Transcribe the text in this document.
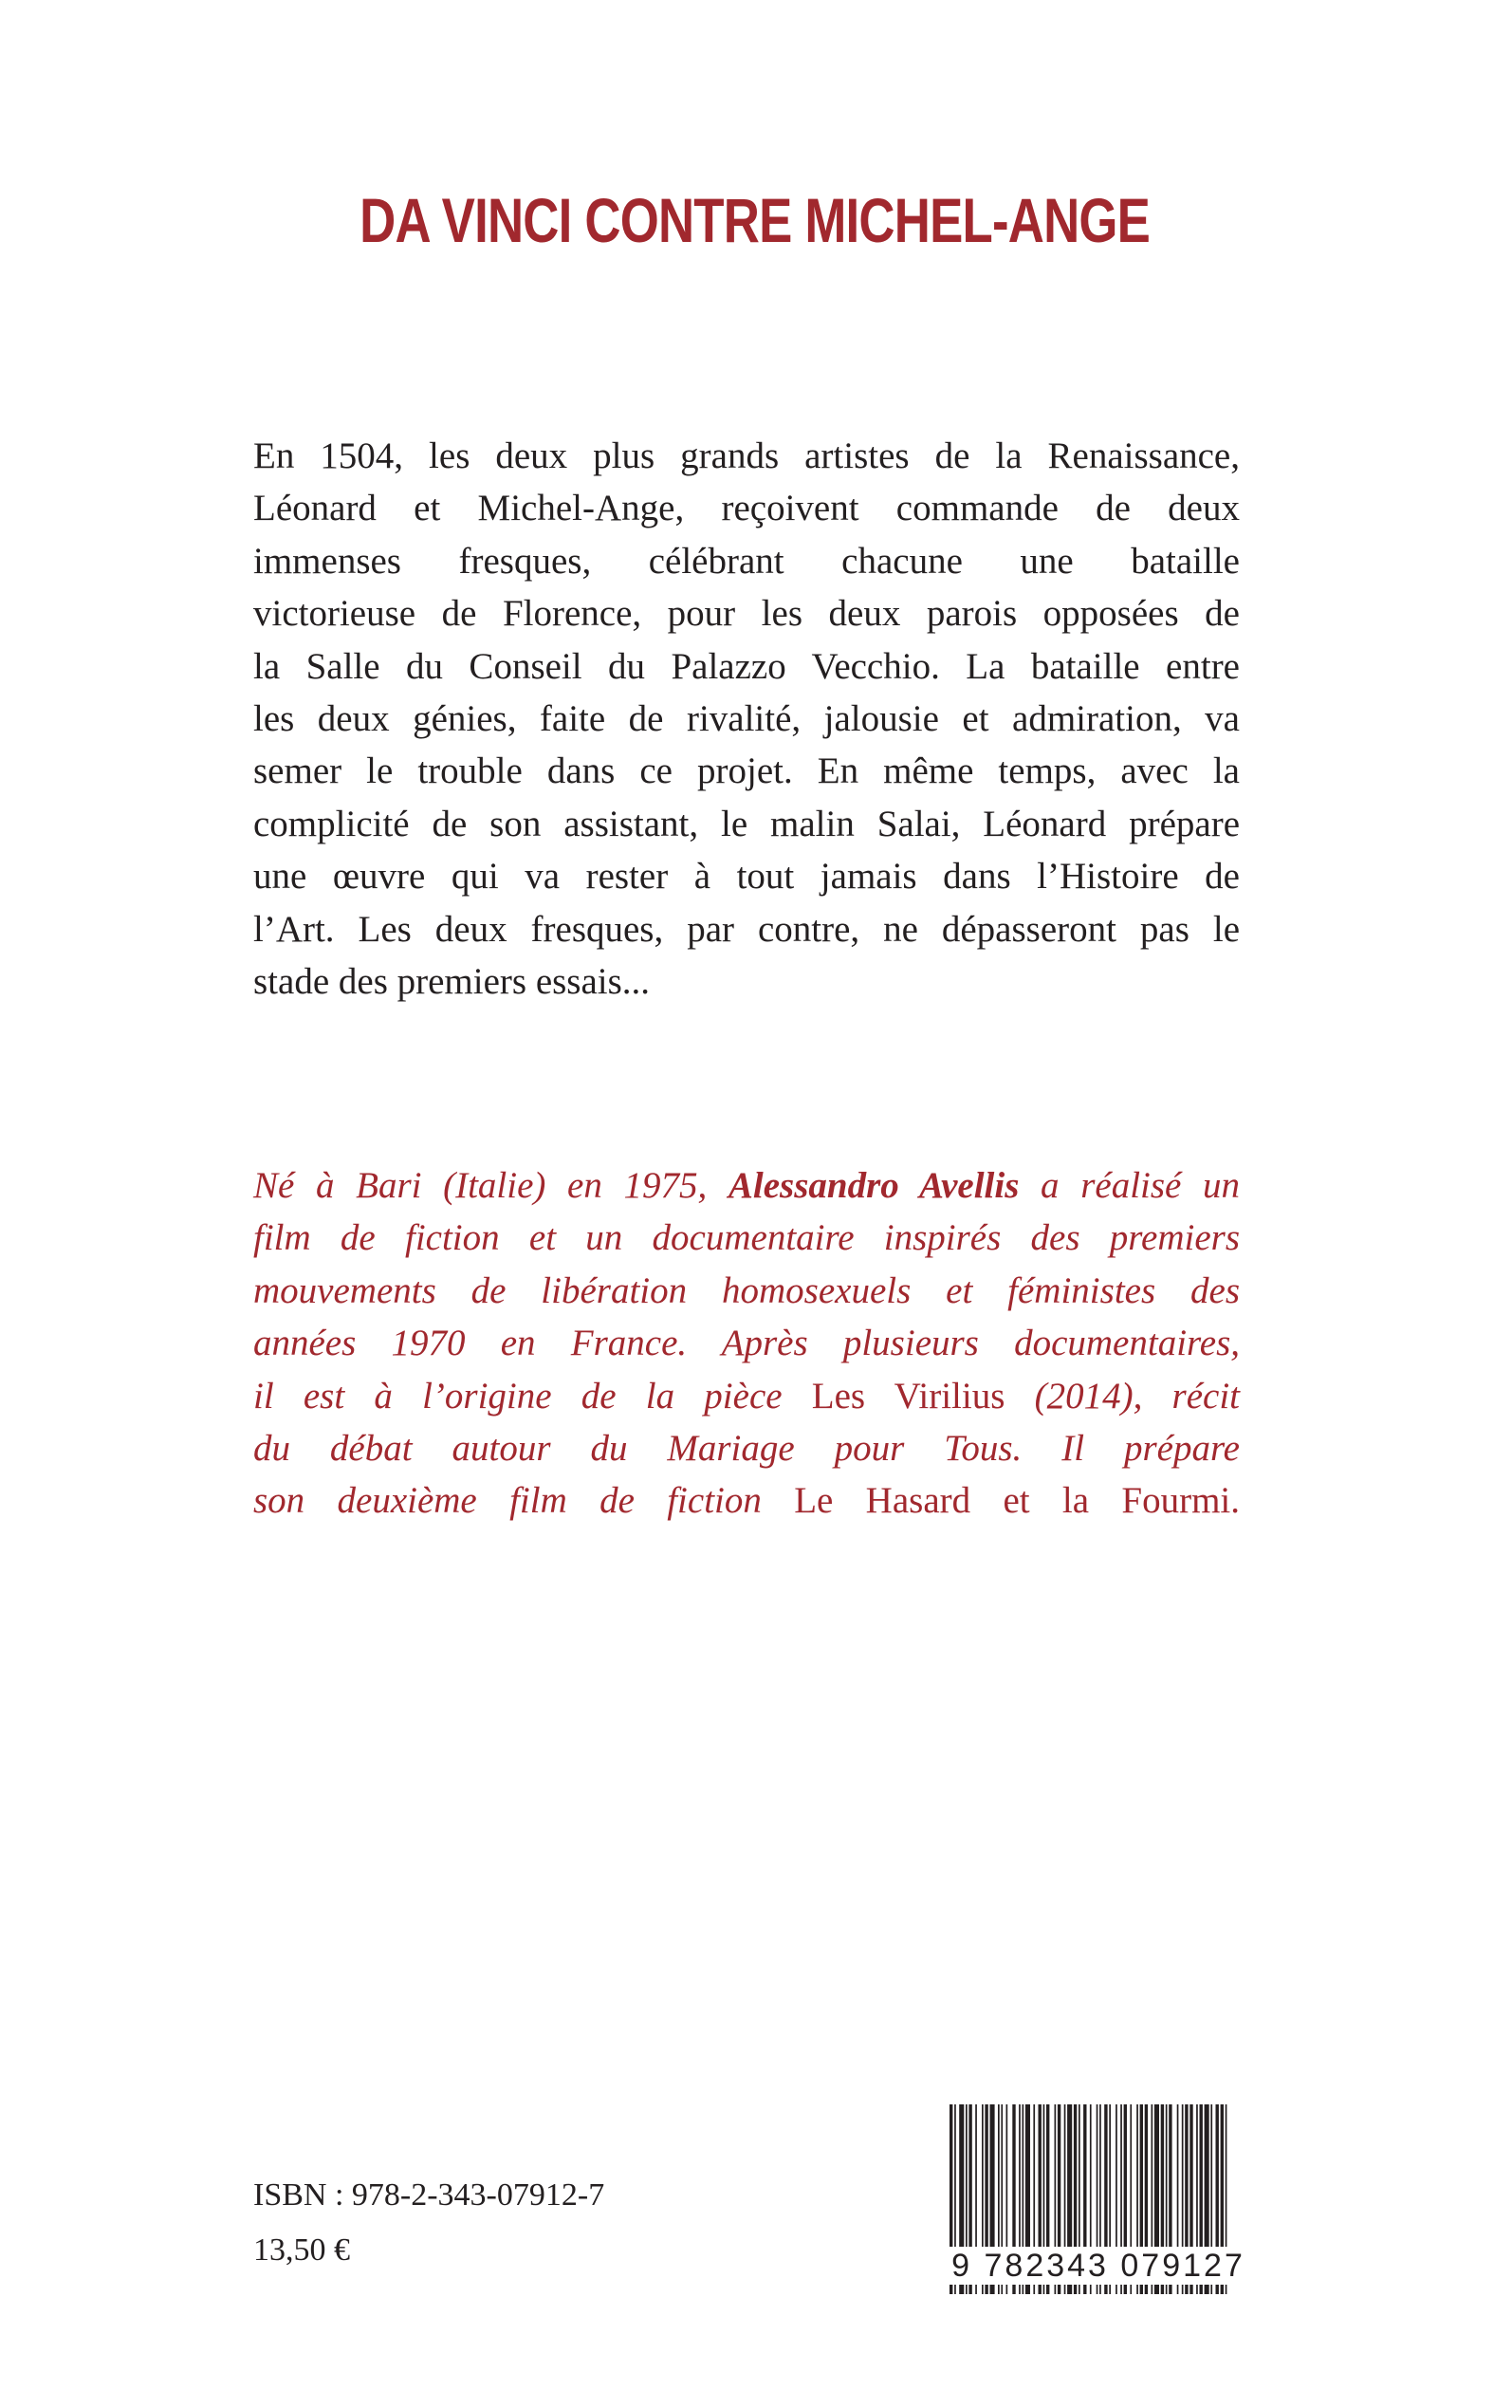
DA VINCI CONTRE MICHEL-ANGE
En 1504, les deux plus grands artistes de la Renaissance,
Léonard et Michel-Ange, reçoivent commande de deux
immenses fresques, célébrant chacune une bataille
victorieuse de Florence, pour les deux parois opposées de
la Salle du Conseil du Palazzo Vecchio. La bataille entre
les deux génies, faite de rivalité, jalousie et admiration, va
semer le trouble dans ce projet. En même temps, avec la
complicité de son assistant, le malin Salai, Léonard prépare
une œuvre qui va rester à tout jamais dans l’Histoire de
l’Art. Les deux fresques, par contre, ne dépasseront pas le
stade des premiers essais...
Né à Bari (Italie) en 1975, Alessandro Avellis a réalisé un
film de fiction et un documentaire inspirés des premiers
mouvements de libération homosexuels et féministes des
années 1970 en France. Après plusieurs documentaires,
il est à l’origine de la pièce Les Virilius (2014), récit
du débat autour du Mariage pour Tous. Il prépare
son deuxième film de fiction Le Hasard et la Fourmi.
ISBN : 978-2-343-07912-7
13,50 €	9 782343 079127
